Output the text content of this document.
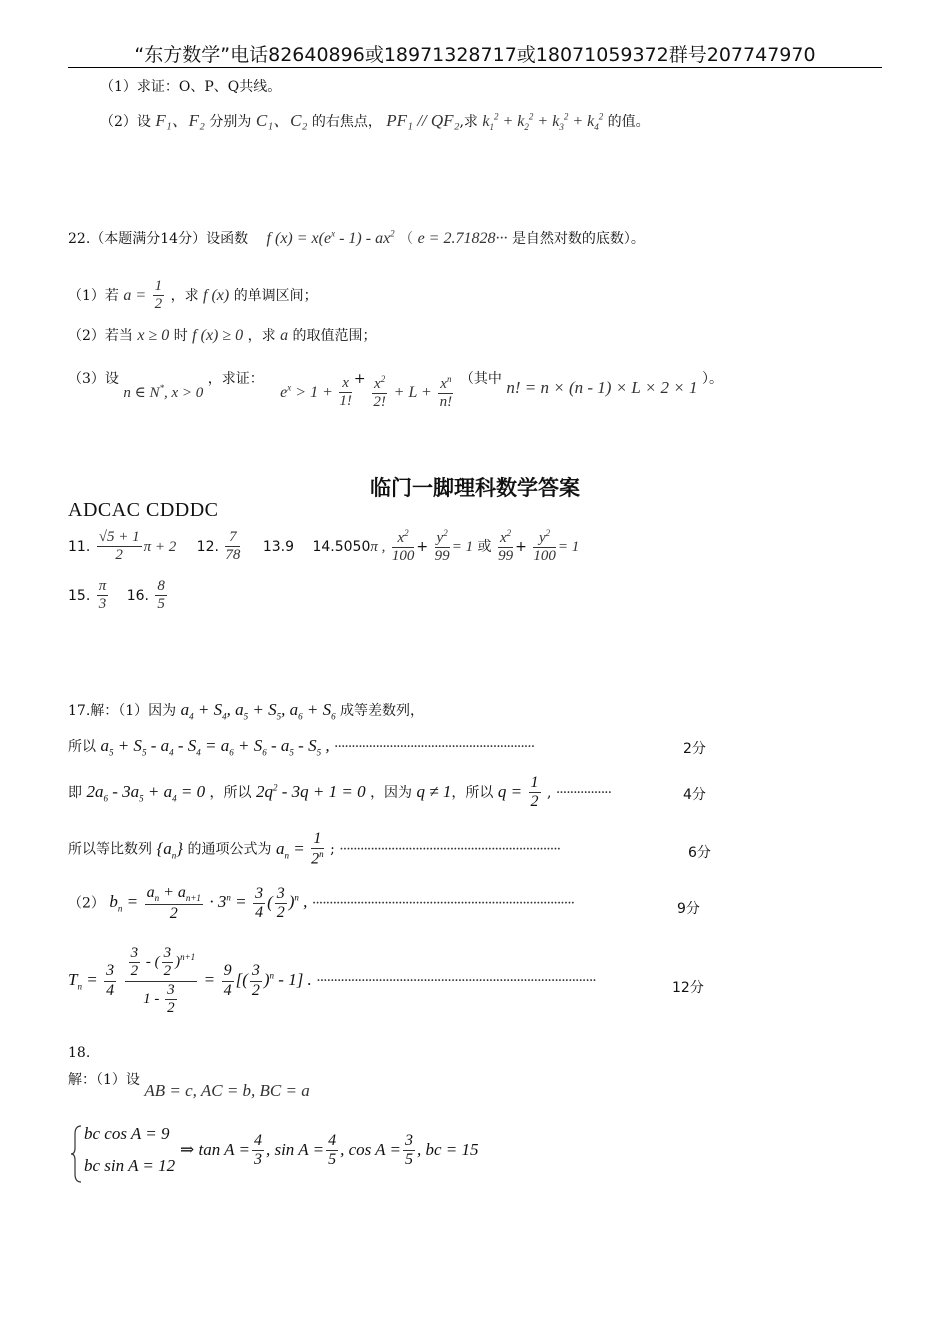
“东方数学”电话82640896或18971328717或18071059372群号207747970
（1）求证：O、P、Q共线。
（2）设 F₁、F₂ 分别为 C₁、C₂ 的右焦点， PF₁ // QF₂,求 $k_1^2 + k_2^2 + k_3^2 + k_4^2$ 的值。
22.（本题满分14分）设函数 f $(x) = x(e^x - 1) - ax^2$ （ e = 2.71828··· 是自然对数的底数）。
（1）若 $a = \frac{1}{2}$ ，求 f (x) 的单调区间；
（2）若当 x ≥ 0 时 f (x) ≥ 0 ，求 a 的取值范围；
（3）设 n ∈ N*, x > 0 ，求证： $e^x > 1 + \frac{x}{1!} + \frac{x^2}{2!} + L + \frac{x^n}{n!}$ （其中 n! = n × (n - 1) × L × 2 × 1 ）。
临门一脚理科数学答案
ADCAC CDDDC
11. $\frac{√5 + 1}{2}$ π + 2 12. $\frac{7}{78} 13.9$ 14.5050π , $\frac{x^2}{100} + \frac{y^2}{99} = 1$ 或 $\frac{x^2}{99} + \frac{y^2}{100} = 1$
15. $\frac{\pi}{3} 16$. $\frac{8}{5}$
17.解：（1）因为 $a_4 + S_4$, $a_5 + S_5$, $a_6 + S_6$ 成等差数列，
所以 $a_5 + S_5 - a_4 - S_4 = a_6 + S_6 - a_5 - S_5$ , ··························································	2分
即 $2a_6 - 3a_5 + a_4 = 0$ ，所以 $2q^2 - 3q + 1 = 0$ ，因为 q ≠ 1，所以 $q = \frac{1}{2}$ , ················	4分
所以等比数列 $\{a_n\}$ 的通项公式为 $a_n = \frac{1}{2^n}$ ; ································································	6分
（2） $b_n = \frac{a_n + a_{n+1}}{2} \cdot 3^n = \frac{3}{4}$ ( $\frac{3}{2} )^n$ , ············································································	9分
$T_n = \frac{3}{4}$
$\frac{\frac{3}{2} - ( \frac{3}{2} )^{n+1}}{1 - \frac{3}{2}} = \frac{9}{4}$ [( $\frac{3}{2} )^n - 1$] . ·················································································	12分
18.
解：（1）设 AB = c, AC = b, BC = a
bc cos A = 9
bc sin A = 12
⇒ $\tan A = \frac{4}{3}$ , $\sin A = \frac{4}{5}$ , $\cos A = \frac{3}{5}$ , bc = 15
